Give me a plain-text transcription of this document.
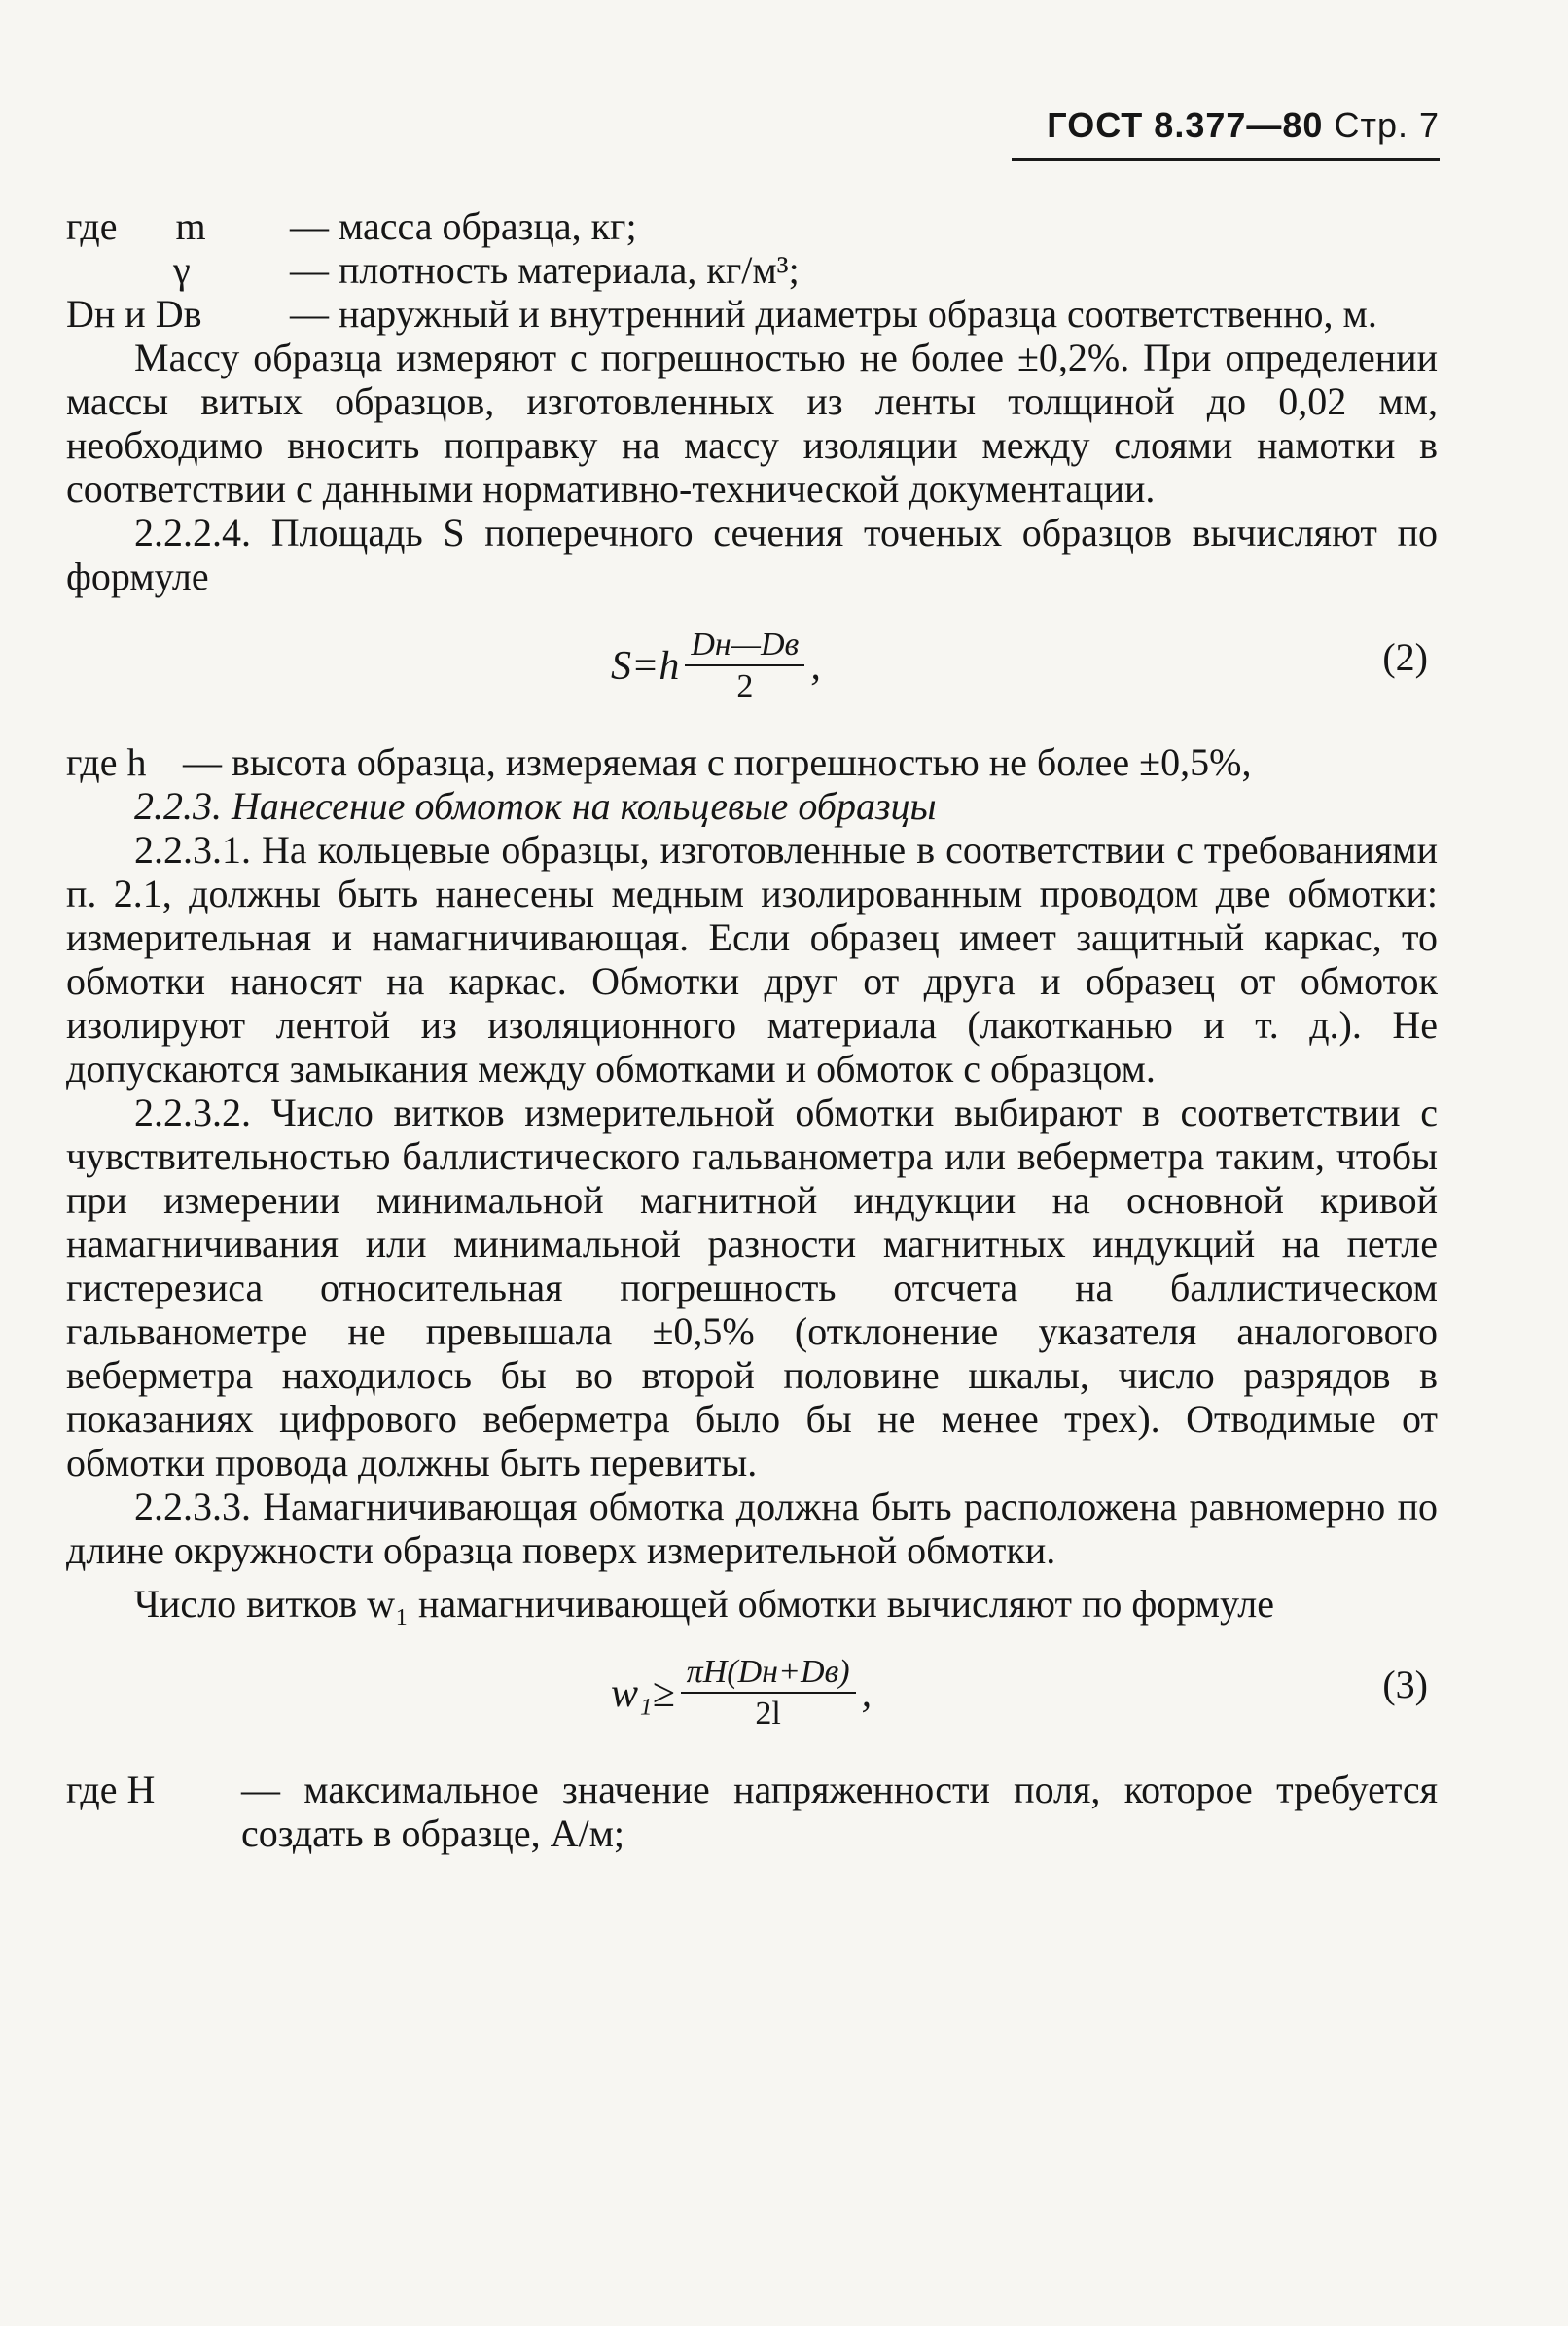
ГОСТ 8.377—80 Стр. 7
где      m	— масса образца, кг;
γ	— плотность материала, кг/м³;
Dн и Dв	— наружный и внутренний диаметры образца соответственно, м.

Массу образца измеряют с погрешностью не более ±0,2%. При определении массы витых образцов, изготовленных из ленты толщиной до 0,02 мм, необходимо вносить поправку на массу изоляции между слоями намотки в соответствии с данными нормативно-технической документации.

2.2.2.4. Площадь S поперечного сечения точеных образцов вычисляют по формуле

$S=h \frac{Dн—Dв}{2}$ ,	(2)
где h — высота образца, измеряемая с погрешностью не более ±0,5%,

2.2.3. Нанесение обмоток на кольцевые образцы

2.2.3.1. На кольцевые образцы, изготовленные в соответствии с требованиями п. 2.1, должны быть нанесены медным изолированным проводом две обмотки: измерительная и намагничивающая. Если образец имеет защитный каркас, то обмотки наносят на каркас. Обмотки друг от друга и образец от обмоток изолируют лентой из изоляционного материала (лакотканью и т. д.). Не допускаются замыкания между обмотками и обмоток с образцом.

2.2.3.2. Число витков измерительной обмотки выбирают в соответствии с чувствительностью баллистического гальванометра или веберметра таким, чтобы при измерении минимальной магнитной индукции на основной кривой намагничивания или минимальной разности магнитных индукций на петле гистерезиса относительная погрешность отсчета на баллистическом гальванометре не превышала ±0,5% (отклонение указателя аналогового веберметра находилось бы во второй половине шкалы, число разрядов в показаниях цифрового веберметра было бы не менее трех). Отводимые от обмотки провода должны быть перевиты.

2.2.3.3. Намагничивающая обмотка должна быть расположена равномерно по длине окружности образца поверх измерительной обмотки.

Число витков w₁ намагничивающей обмотки вычисляют по формуле

$w_1\ge \frac{\pi H(Dн+Dв)}{2l}$ ,	(3)
где H	— максимальное значение напряженности поля, которое требуется создать в образце, А/м;
